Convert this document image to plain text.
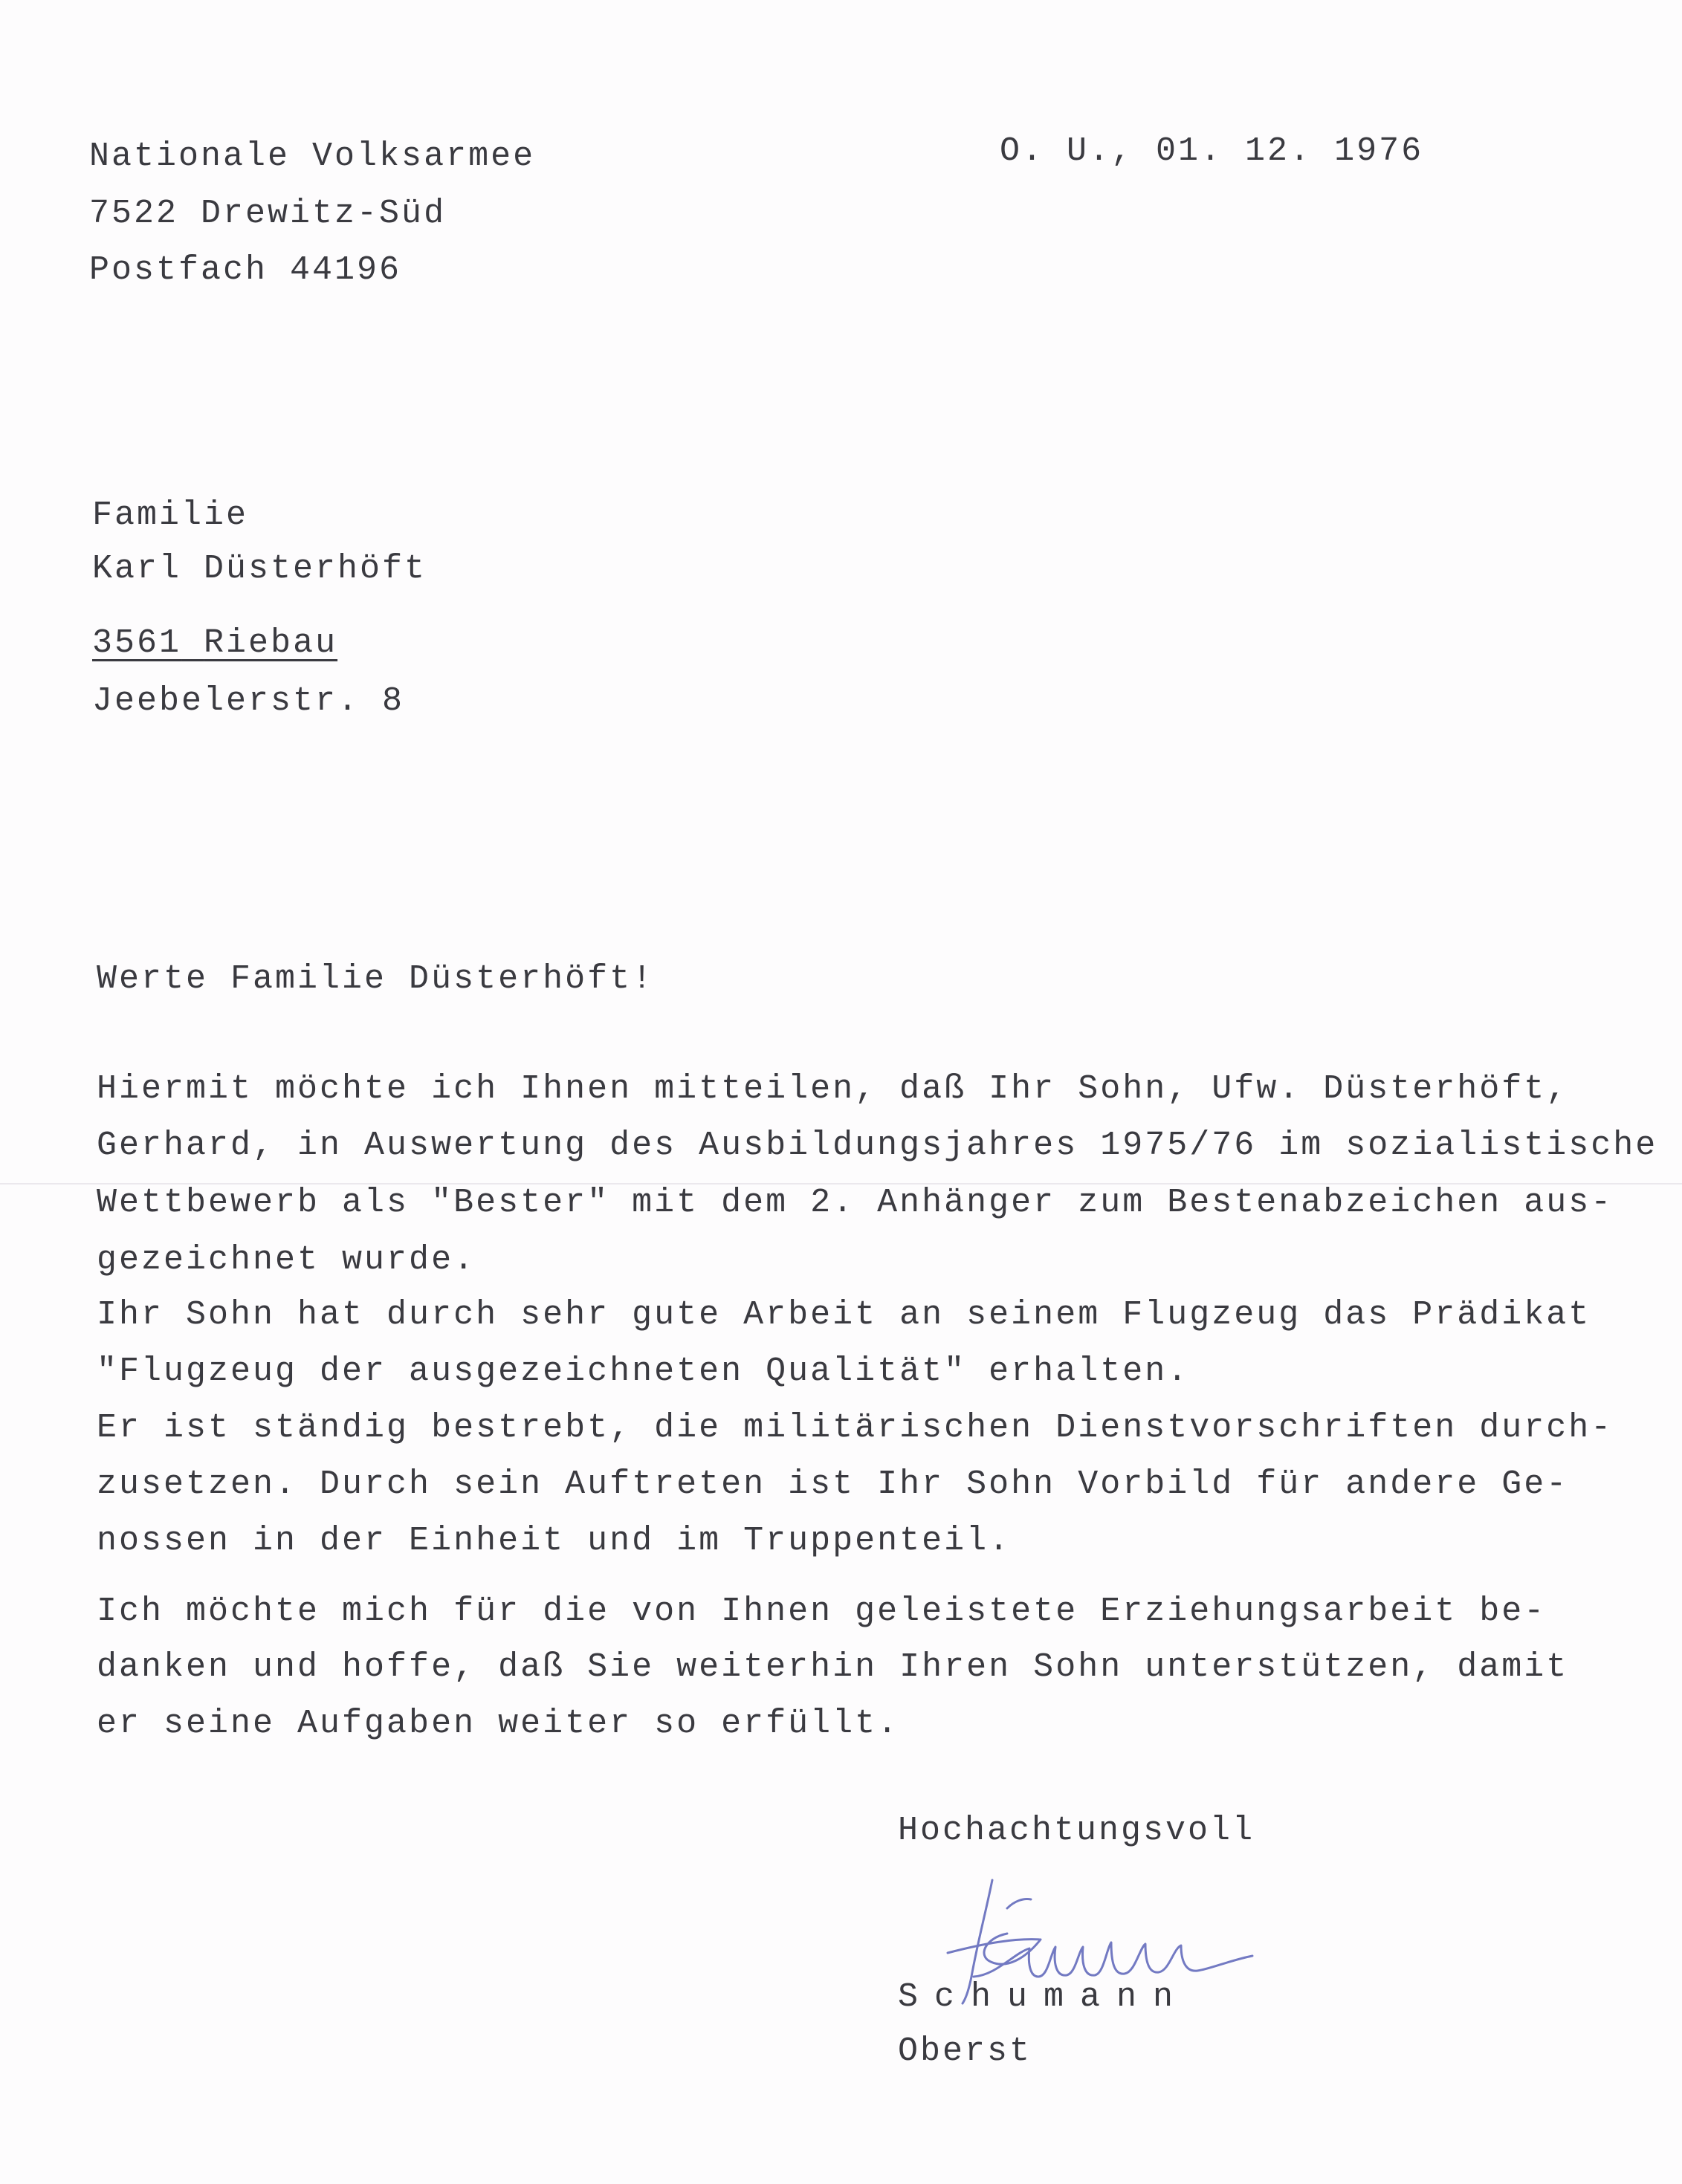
Nationale Volksarmee

7522 Drewitz-Süd

Postfach 44196

O. U., 01. 12. 1976

Familie

Karl Düsterhöft

3561 Riebau

Jeebelerstr. 8

Werte Familie Düsterhöft!

Hiermit möchte ich Ihnen mitteilen, daß Ihr Sohn, Ufw. Düsterhöft,

Gerhard, in Auswertung des Ausbildungsjahres 1975/76 im sozialistische

Wettbewerb als "Bester" mit dem 2. Anhänger zum Bestenabzeichen aus-

gezeichnet wurde.

Ihr Sohn hat durch sehr gute Arbeit an seinem Flugzeug das Prädikat

"Flugzeug der ausgezeichneten Qualität" erhalten.

Er ist ständig bestrebt, die militärischen Dienstvorschriften durch-

zusetzen. Durch sein Auftreten ist Ihr Sohn Vorbild für andere Ge-

nossen in der Einheit und im Truppenteil.

Ich möchte mich für die von Ihnen geleistete Erziehungsarbeit be-

danken und hoffe, daß Sie weiterhin Ihren Sohn unterstützen, damit

er seine Aufgaben weiter so erfüllt.

Hochachtungsvoll

Schumann

Oberst
